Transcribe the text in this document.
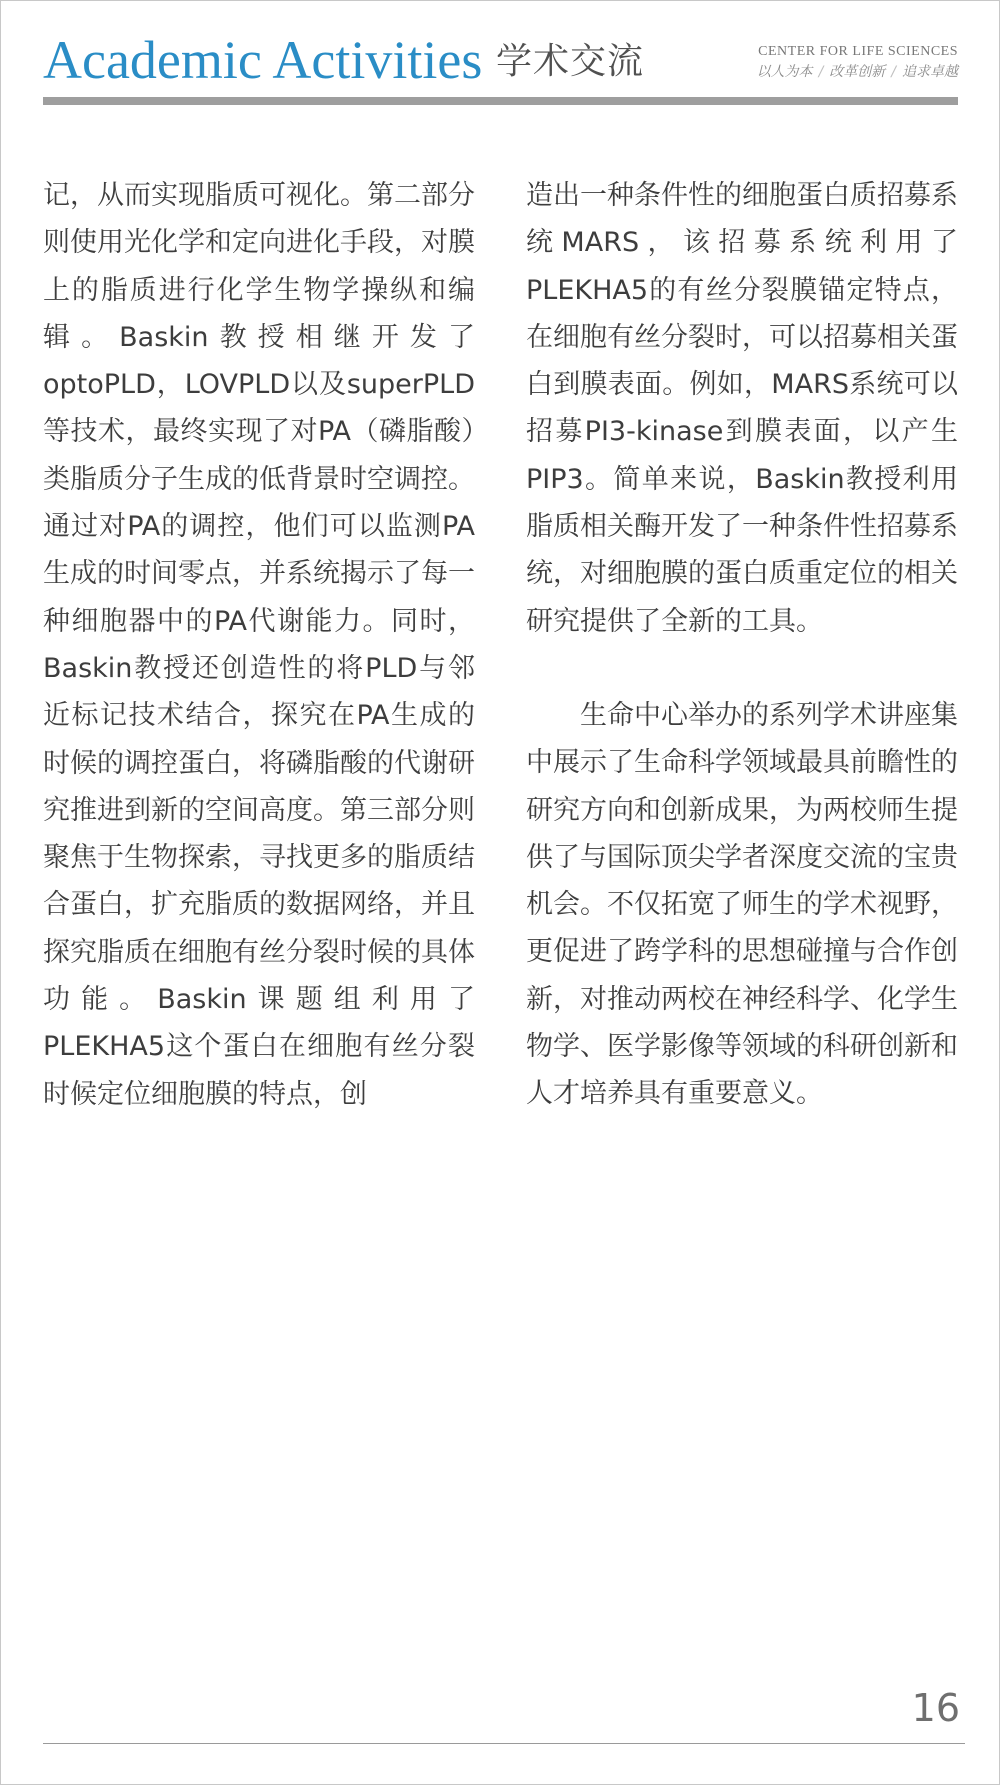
Academic Activities 学术交流	CENTER FOR LIFE SCIENCES
以人为本 / 改革创新 / 追求卓越

记，从而实现脂质可视化。第二部分则使用光化学和定向进化手段，对膜上的脂质进行化学生物学操纵和编辑。Baskin教授相继开发了optoPLD，LOVPLD以及superPLD等技术，最终实现了对PA（磷脂酸）类脂质分子生成的低背景时空调控。通过对PA的调控，他们可以监测PA生成的时间零点，并系统揭示了每一种细胞器中的PA代谢能力。同时，Baskin教授还创造性的将PLD与邻近标记技术结合，探究在PA生成的时候的调控蛋白，将磷脂酸的代谢研究推进到新的空间高度。第三部分则聚焦于生物探索，寻找更多的脂质结合蛋白，扩充脂质的数据网络，并且探究脂质在细胞有丝分裂时候的具体功能。Baskin课题组利用了PLEKHA5这个蛋白在细胞有丝分裂时候定位细胞膜的特点，创

造出一种条件性的细胞蛋白质招募系统MARS，该招募系统利用了PLEKHA5的有丝分裂膜锚定特点，在细胞有丝分裂时，可以招募相关蛋白到膜表面。例如，MARS系统可以招募PI3-kinase到膜表面，以产生PIP3。简单来说，Baskin教授利用脂质相关酶开发了一种条件性招募系统，对细胞膜的蛋白质重定位的相关研究提供了全新的工具。

生命中心举办的系列学术讲座集中展示了生命科学领域最具前瞻性的研究方向和创新成果，为两校师生提供了与国际顶尖学者深度交流的宝贵机会。不仅拓宽了师生的学术视野，更促进了跨学科的思想碰撞与合作创新，对推动两校在神经科学、化学生物学、医学影像等领域的科研创新和人才培养具有重要意义。

16
